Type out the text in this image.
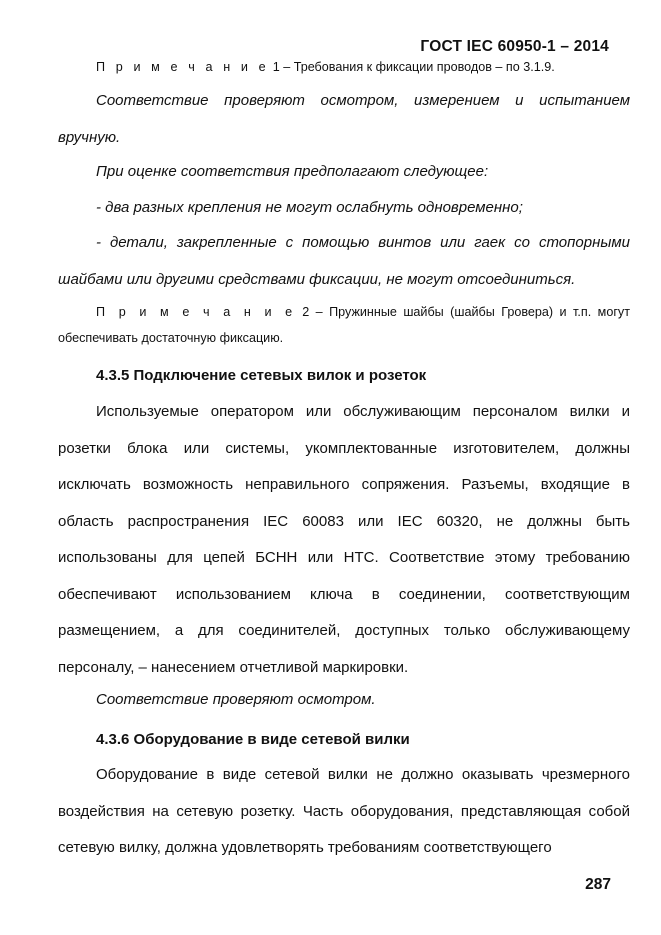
ГОСТ IEC 60950-1 – 2014

П р и м е ч а н и е 1 – Требования к фиксации проводов – по 3.1.9.

Соответствие проверяют осмотром, измерением и испытанием вручную.

При оценке соответствия предполагают следующее:

- два разных крепления не могут ослабнуть одновременно;

- детали, закрепленные с помощью винтов или гаек со стопорными шайбами или другими средствами фиксации, не могут отсоединиться.

П р и м е ч а н и е 2 – Пружинные шайбы (шайбы Гровера) и т.п. могут обеспечивать достаточную фиксацию.

4.3.5 Подключение сетевых вилок и розеток

Используемые оператором или обслуживающим персоналом вилки и розетки блока или системы, укомплектованные изготовителем, должны исключать возможность неправильного сопряжения. Разъемы, входящие в область распространения IEC 60083 или IEC 60320, не должны быть использованы для цепей БСНН или НТС. Соответствие этому требованию обеспечивают использованием ключа в соединении, соответствующим размещением, а для соединителей, доступных только обслуживающему персоналу, – нанесением отчетливой маркировки.

Соответствие проверяют осмотром.

4.3.6 Оборудование в виде сетевой вилки

Оборудование в виде сетевой вилки не должно оказывать чрезмерного воздействия на сетевую розетку. Часть оборудования, представляющая собой сетевую вилку, должна удовлетворять требованиям соответствующего

287
